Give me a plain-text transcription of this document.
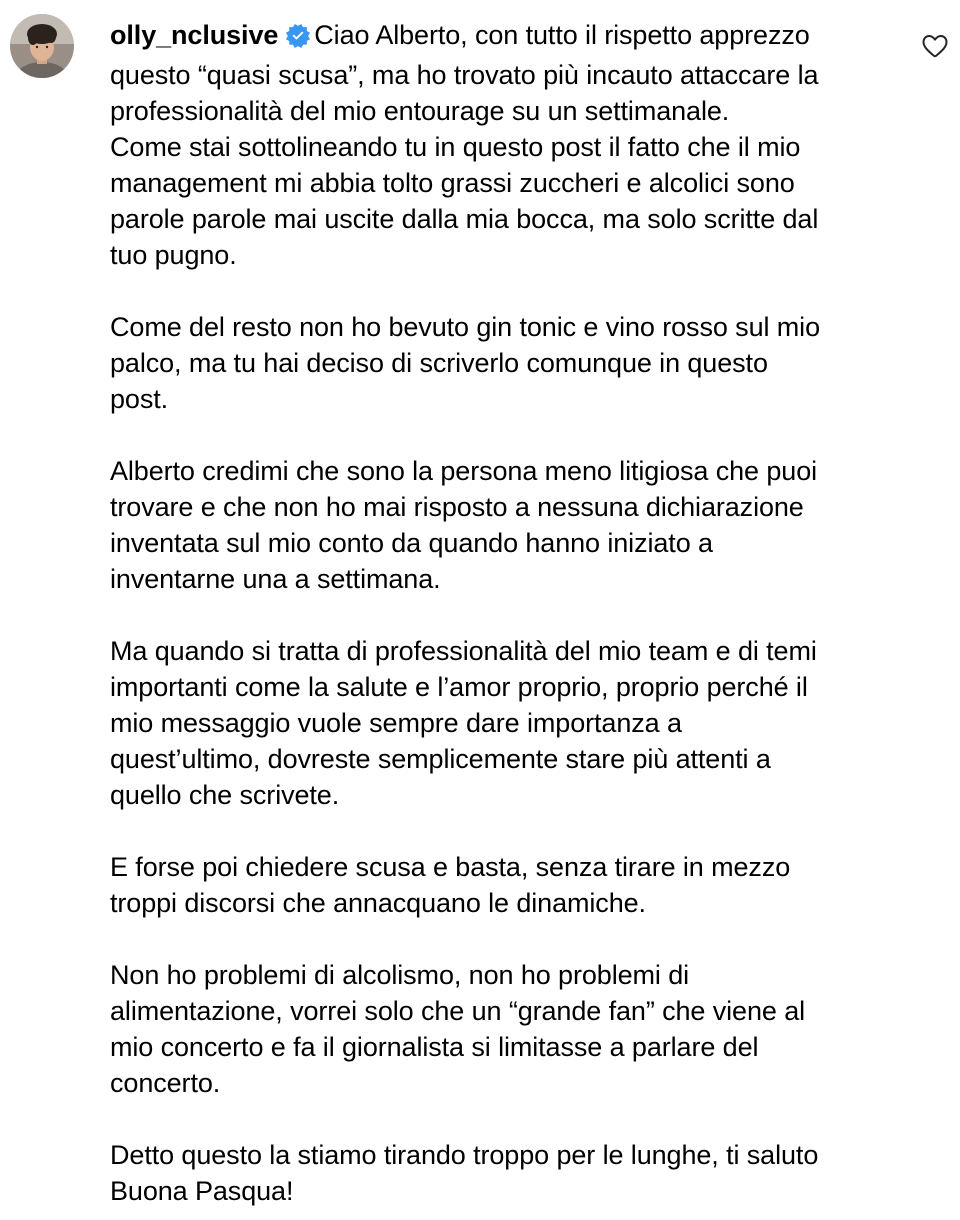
olly_nclusive Ciao Alberto, con tutto il rispetto apprezzo
questo “quasi scusa”, ma ho trovato più incauto attaccare la
professionalità del mio entourage su un settimanale.
Come stai sottolineando tu in questo post il fatto che il mio
management mi abbia tolto grassi zuccheri e alcolici sono
parole parole mai uscite dalla mia bocca, ma solo scritte dal
tuo pugno.
Come del resto non ho bevuto gin tonic e vino rosso sul mio
palco, ma tu hai deciso di scriverlo comunque in questo
post.
Alberto credimi che sono la persona meno litigiosa che puoi
trovare e che non ho mai risposto a nessuna dichiarazione
inventata sul mio conto da quando hanno iniziato a
inventarne una a settimana.
Ma quando si tratta di professionalità del mio team e di temi
importanti come la salute e l’amor proprio, proprio perché il
mio messaggio vuole sempre dare importanza a
quest’ultimo, dovreste semplicemente stare più attenti a
quello che scrivete.
E forse poi chiedere scusa e basta, senza tirare in mezzo
troppi discorsi che annacquano le dinamiche.
Non ho problemi di alcolismo, non ho problemi di
alimentazione, vorrei solo che un “grande fan” che viene al
mio concerto e fa il giornalista si limitasse a parlare del
concerto.
Detto questo la stiamo tirando troppo per le lunghe, ti saluto
Buona Pasqua!
